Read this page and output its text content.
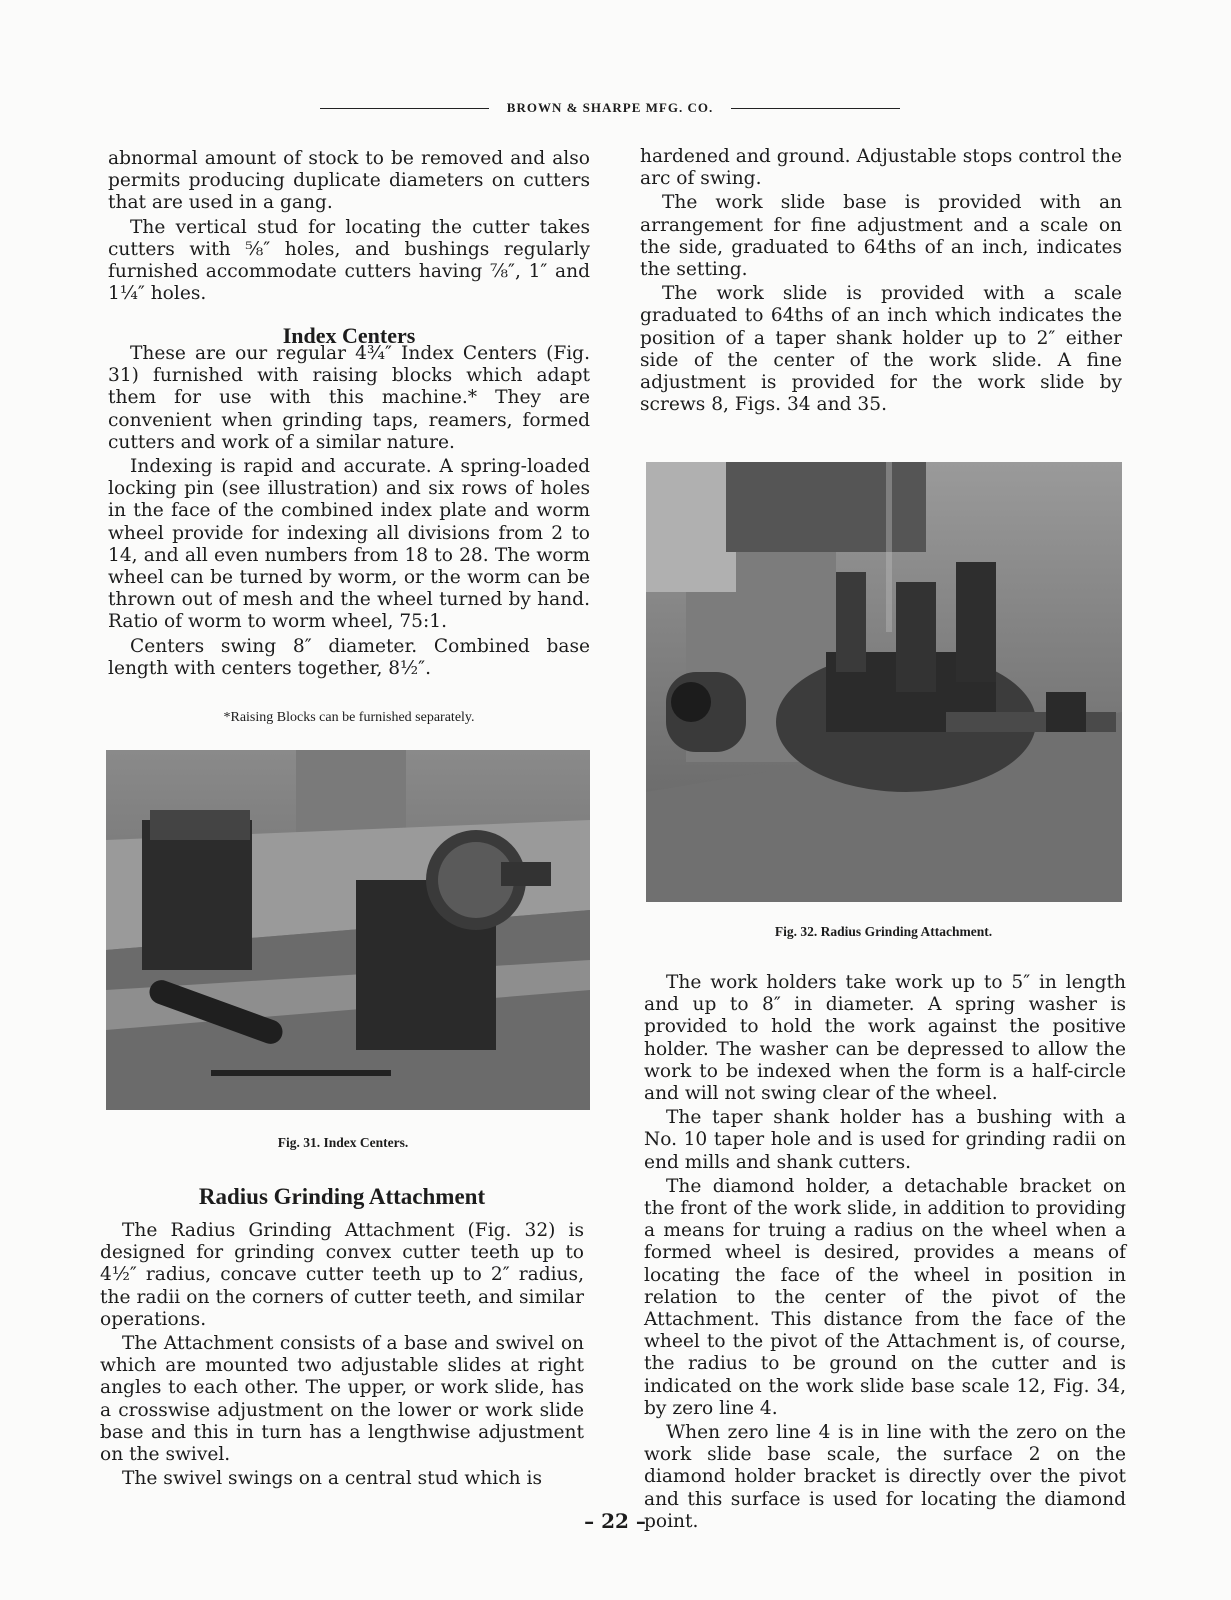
BROWN & SHARPE MFG. CO.

abnormal amount of stock to be removed and also permits producing duplicate diameters on cutters that are used in a gang.

The vertical stud for locating the cutter takes cutters with ⅝″ holes, and bushings regularly furnished accommodate cutters having ⅞″, 1″ and 1¼″ holes.

Index Centers

These are our regular 4¾″ Index Centers (Fig. 31) furnished with raising blocks which adapt them for use with this machine.* They are convenient when grinding taps, reamers, formed cutters and work of a similar nature.

Indexing is rapid and accurate. A spring-loaded locking pin (see illustration) and six rows of holes in the face of the combined index plate and worm wheel provide for indexing all divisions from 2 to 14, and all even numbers from 18 to 28. The worm wheel can be turned by worm, or the worm can be thrown out of mesh and the wheel turned by hand. Ratio of worm to worm wheel, 75:1.

Centers swing 8″ diameter. Combined base length with centers together, 8½″.

*Raising Blocks can be furnished separately.
Fig. 31. Index Centers.
Radius Grinding Attachment

The Radius Grinding Attachment (Fig. 32) is designed for grinding convex cutter teeth up to 4½″ radius, concave cutter teeth up to 2″ radius, the radii on the corners of cutter teeth, and similar operations.

The Attachment consists of a base and swivel on which are mounted two adjustable slides at right angles to each other. The upper, or work slide, has a crosswise adjustment on the lower or work slide base and this in turn has a lengthwise adjustment on the swivel.

The swivel swings on a central stud which is

hardened and ground. Adjustable stops control the arc of swing.

The work slide base is provided with an arrangement for fine adjustment and a scale on the side, graduated to 64ths of an inch, indicates the setting.

The work slide is provided with a scale graduated to 64ths of an inch which indicates the position of a taper shank holder up to 2″ either side of the center of the work slide. A fine adjustment is provided for the work slide by screws 8, Figs. 34 and 35.

Fig. 32. Radius Grinding Attachment.

The work holders take work up to 5″ in length and up to 8″ in diameter. A spring washer is provided to hold the work against the positive holder. The washer can be depressed to allow the work to be indexed when the form is a half-circle and will not swing clear of the wheel.

The taper shank holder has a bushing with a No. 10 taper hole and is used for grinding radii on end mills and shank cutters.

The diamond holder, a detachable bracket on the front of the work slide, in addition to providing a means for truing a radius on the wheel when a formed wheel is desired, provides a means of locating the face of the wheel in position in relation to the center of the pivot of the Attachment. This distance from the face of the wheel to the pivot of the Attachment is, of course, the radius to be ground on the cutter and is indicated on the work slide base scale 12, Fig. 34, by zero line 4.

When zero line 4 is in line with the zero on the work slide base scale, the surface 2 on the diamond holder bracket is directly over the pivot and this surface is used for locating the diamond point.

– 22 –
